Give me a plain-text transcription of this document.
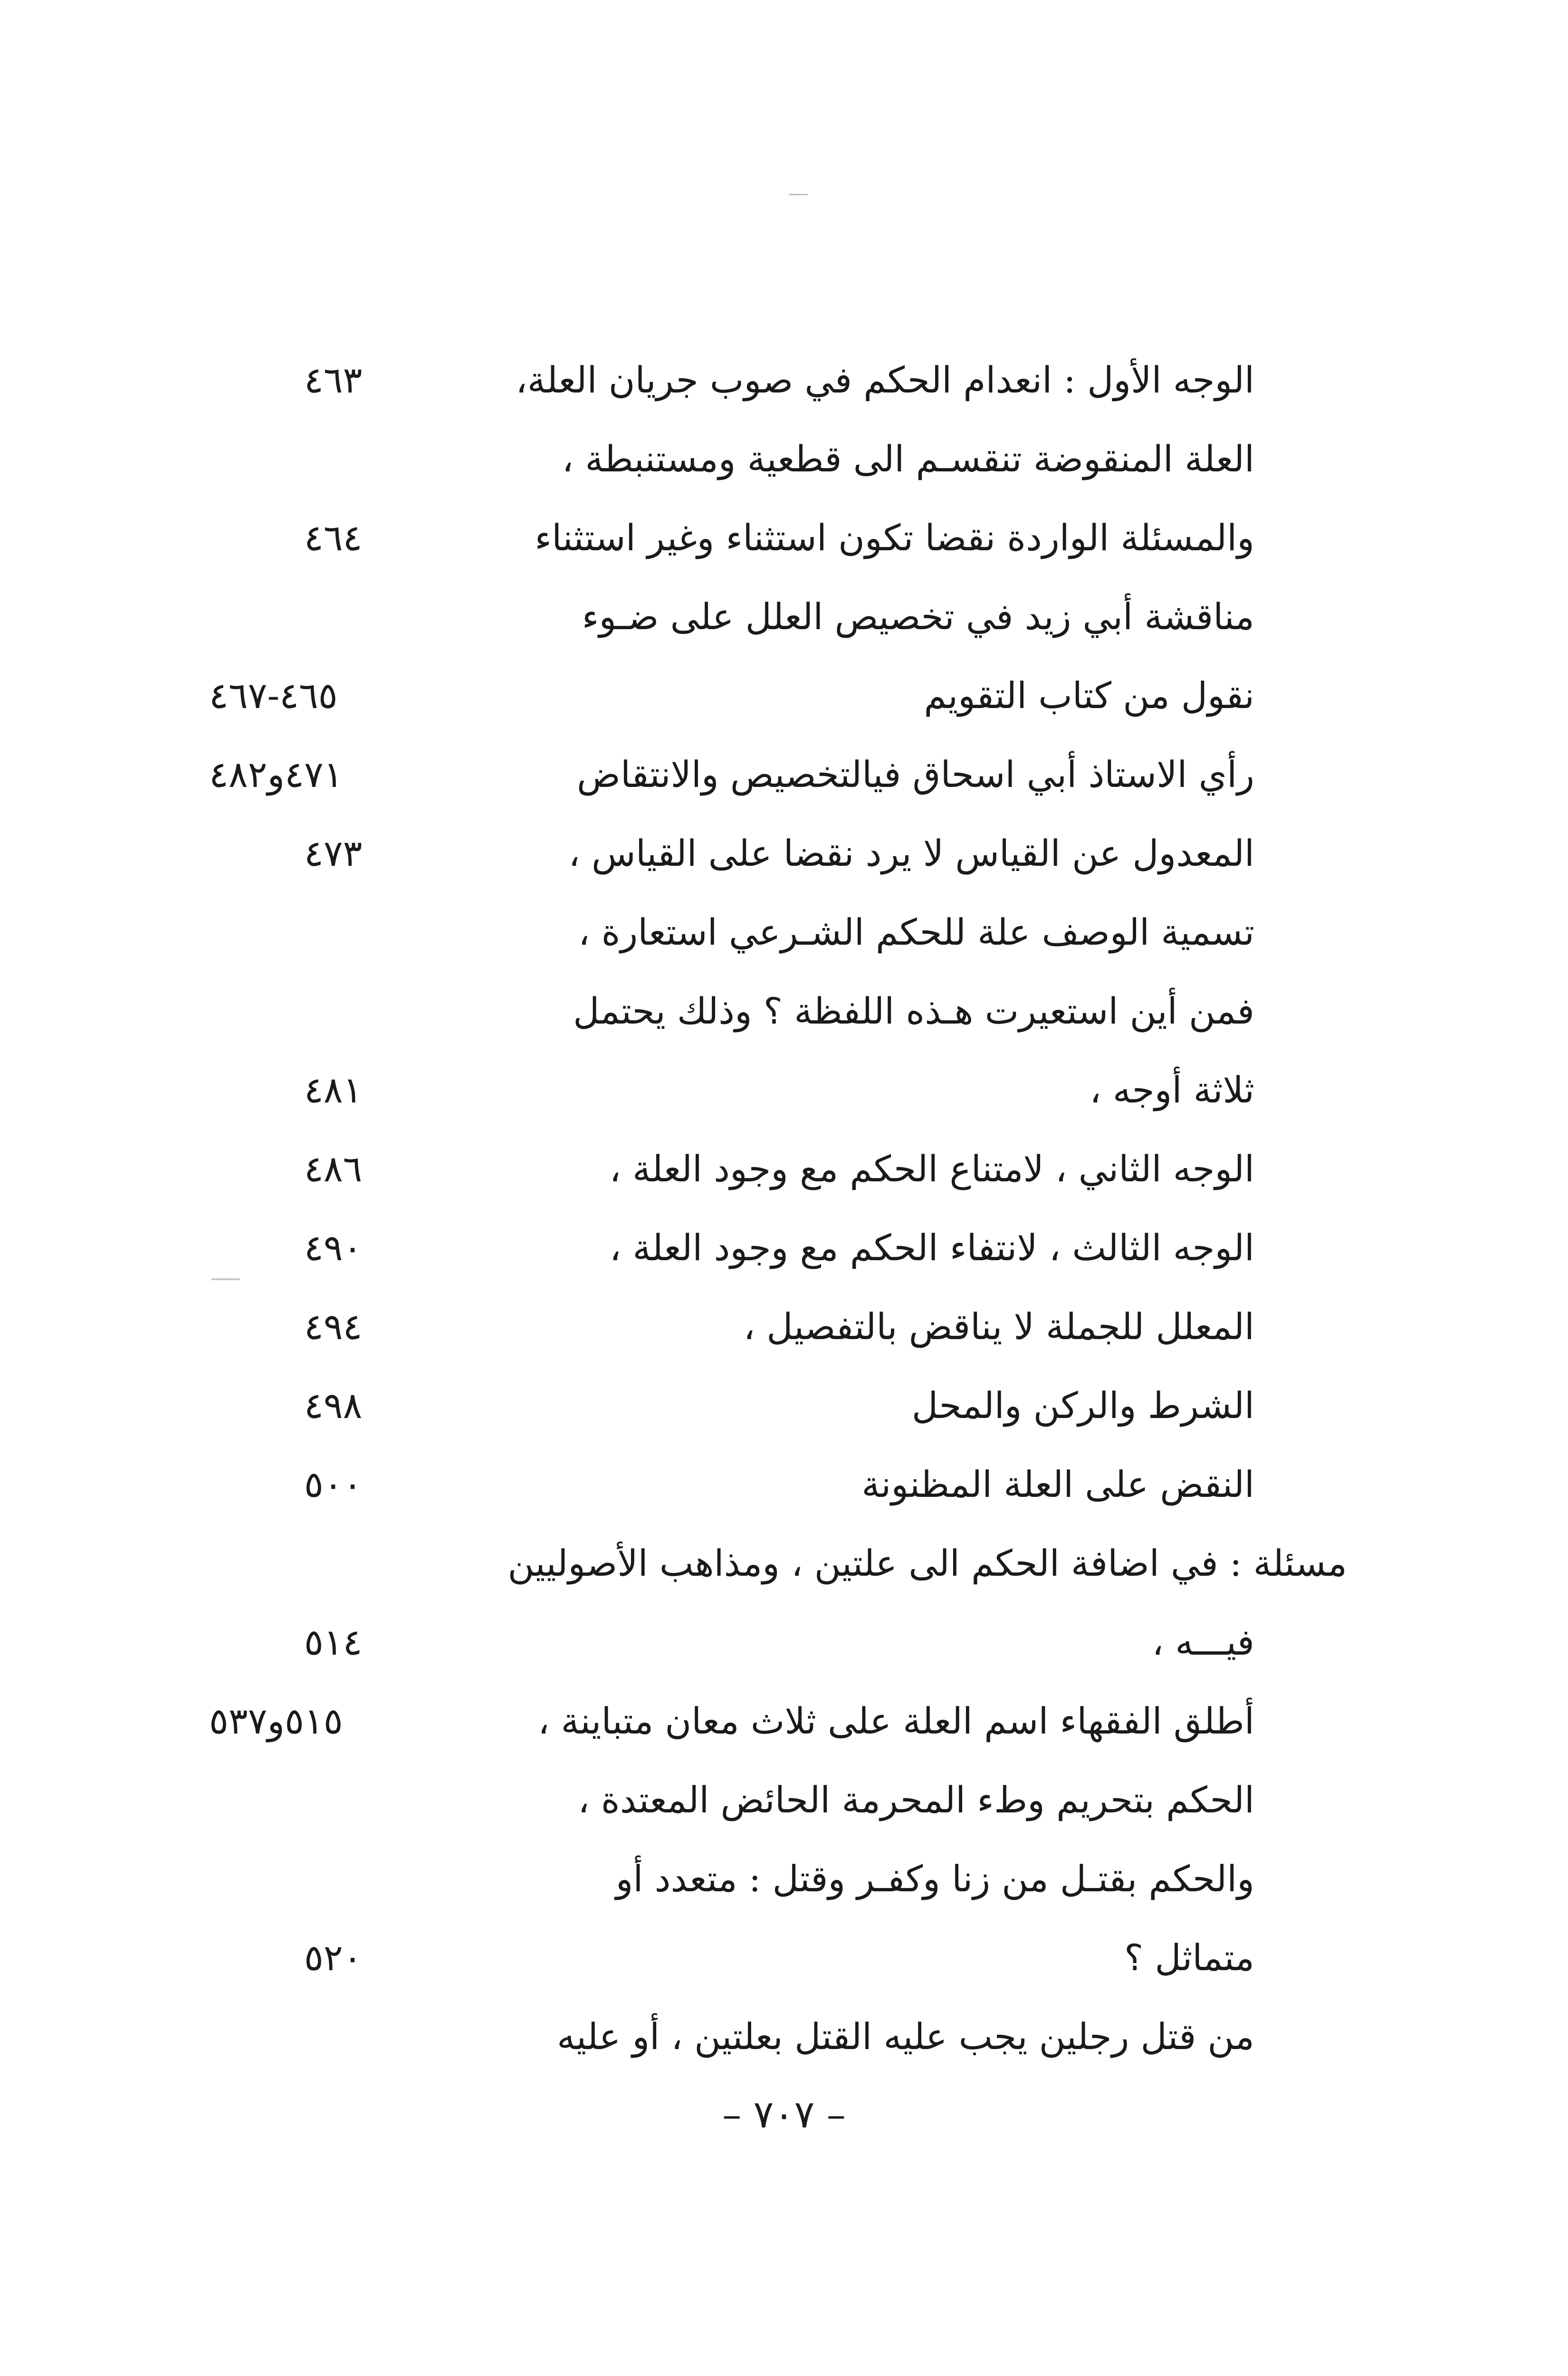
الوجه الأول : انعدام الحكم في صوب جريان العلة،
٤٦٣
العلة المنقوضة تنقسـم الى قطعية ومستنبطة ،
والمسئلة الواردة نقضا تكون استثناء وغير استثناء
٤٦٤
مناقشة أبي زيد في تخصيص العلل على ضـوء
نقول من كتاب التقويم
٤٦٥-٤٦٧
رأي الاستاذ أبي اسحاق فيالتخصيص والانتقاض
٤٧١و٤٨٢
المعدول عن القياس لا يرد نقضا على القياس ،
٤٧٣
تسمية الوصف علة للحكم الشـرعي استعارة ،
فمن أين استعيرت هـذه اللفظة ؟ وذلك يحتمل
ثلاثة أوجه ،
٤٨١
الوجه الثاني ، لامتناع الحكم مع وجود العلة ،
٤٨٦
الوجه الثالث ، لانتفاء الحكم مع وجود العلة ،
٤٩٠
المعلل للجملة لا يناقض بالتفصيل ،
٤٩٤
الشرط والركن والمحل
٤٩٨
النقض على العلة المظنونة
٥٠٠
مسئلة : في اضافة الحكم الى علتين ، ومذاهب الأصوليين
فيـــه ،
٥١٤
أطلق الفقهاء اسم العلة على ثلاث معان متباينة ،
٥١٥و٥٣٧
الحكم بتحريم وطء المحرمة الحائض المعتدة ،
والحكم بقتـل من زنا وكفـر وقتل : متعدد أو
متماثل ؟
٥٢٠
من قتل رجلين يجب عليه القتل بعلتين ، أو عليه
– ٧٠٧ –
